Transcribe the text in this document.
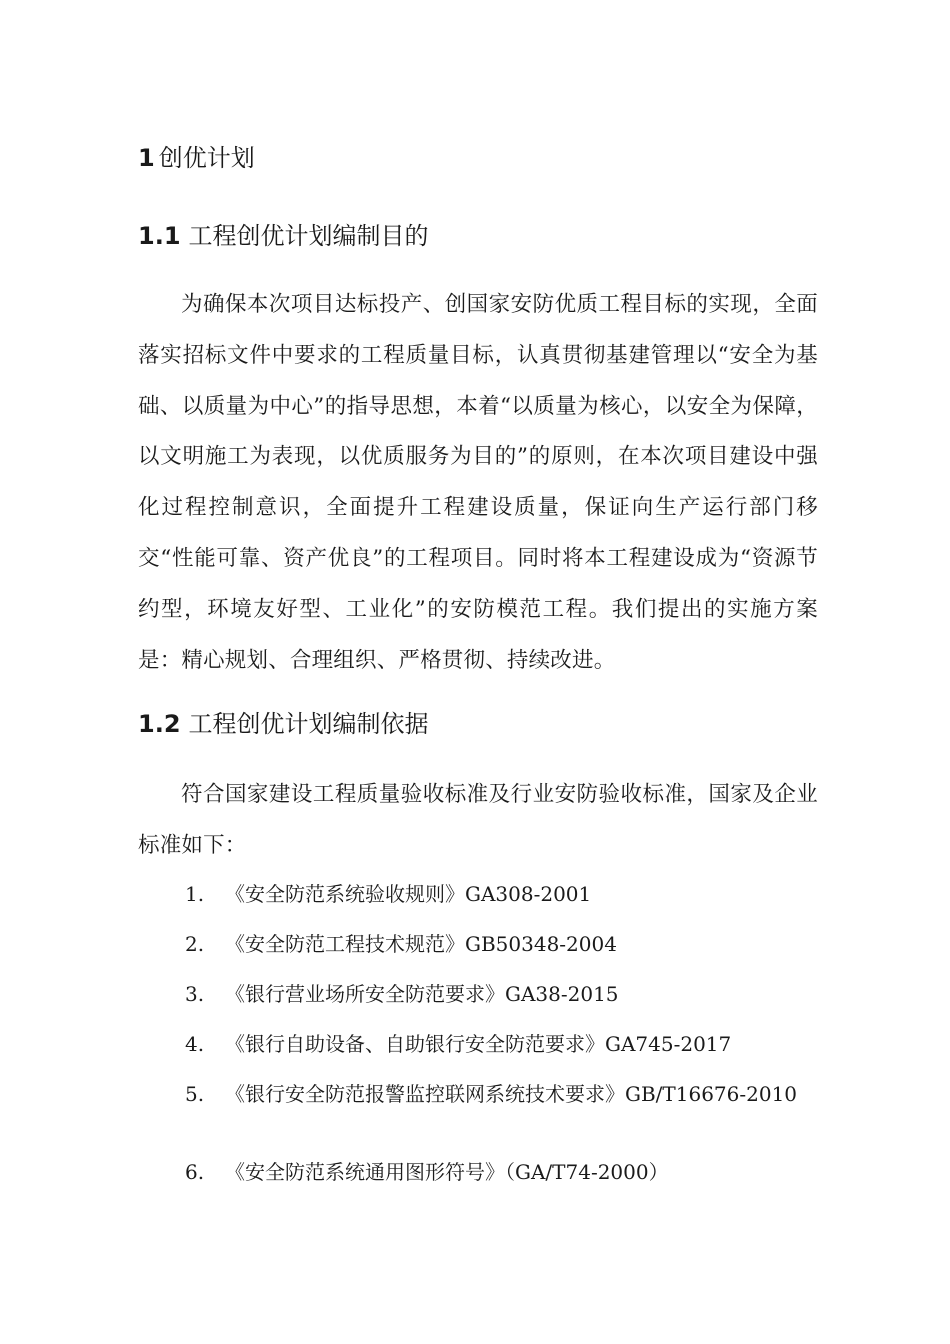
1 创优计划
1.1 工程创优计划编制目的
为确保本次项目达标投产、创国家安防优质工程目标的实现，全面落实招标文件中要求的工程质量目标，认真贯彻基建管理以“安全为基础、以质量为中心”的指导思想，本着“以质量为核心，以安全为保障，以文明施工为表现，以优质服务为目的”的原则，在本次项目建设中强化过程控制意识，全面提升工程建设质量，保证向生产运行部门移交“性能可靠、资产优良”的工程项目。同时将本工程建设成为“资源节约型，环境友好型、工业化”的安防模范工程。我们提出的实施方案是：精心规划、合理组织、严格贯彻、持续改进。
1.2 工程创优计划编制依据
符合国家建设工程质量验收标准及行业安防验收标准，国家及企业标准如下：
1. 《安全防范系统验收规则》GA308-2001
2. 《安全防范工程技术规范》GB50348-2004
3. 《银行营业场所安全防范要求》GA38-2015
4. 《银行自助设备、自助银行安全防范要求》GA745-2017
5. 《银行安全防范报警监控联网系统技术要求》GB/T16676-2010
6. 《安全防范系统通用图形符号》（GA/T74-2000）
